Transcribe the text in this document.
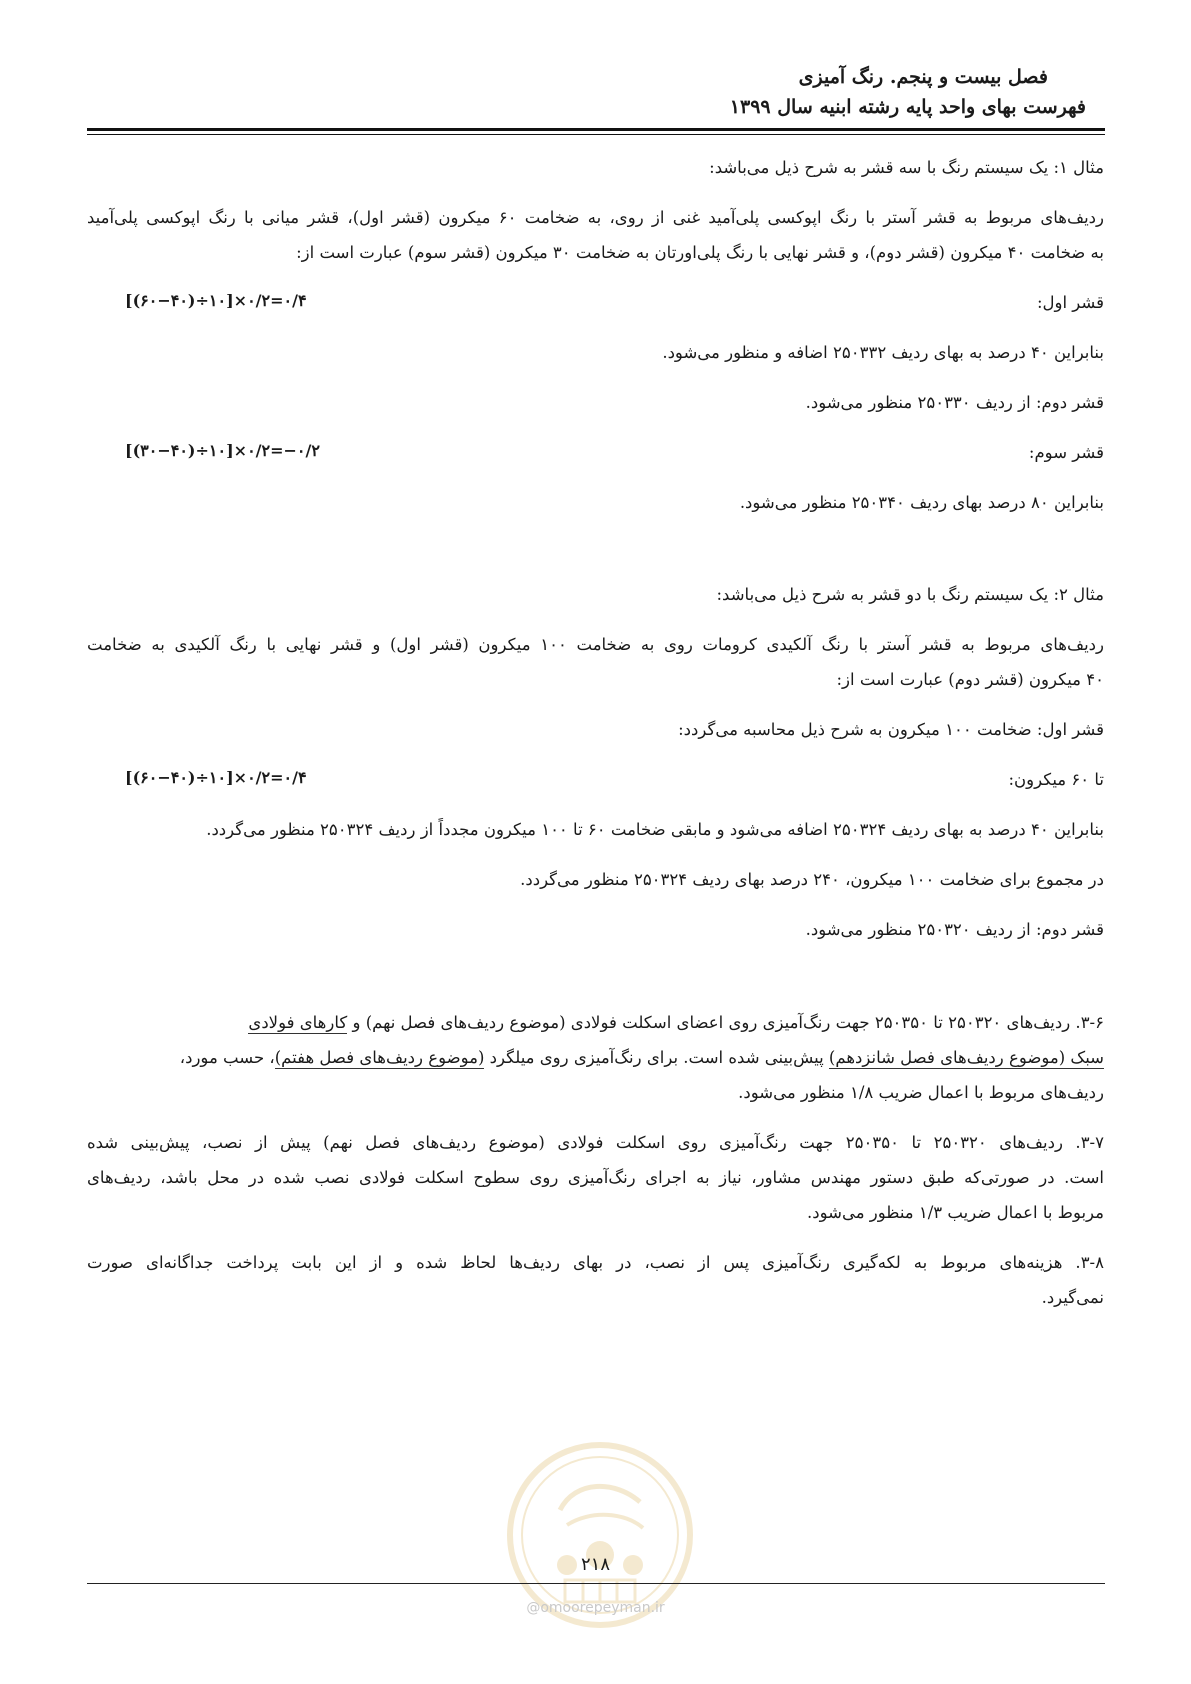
فصل بیست و پنجم. رنگ آمیزی
فهرست بهای واحد پایه رشته ابنیه سال ۱۳۹۹
مثال ۱: یک سیستم رنگ با سه قشر به شرح ذیل می‌باشد:
ردیف‌های مربوط به قشر آستر با رنگ اپوکسی پلی‌آمید غنی از روی، به ضخامت ۶۰ میکرون (قشر اول)، قشر میانی با رنگ اپوکسی پلی‌آمید
به ضخامت ۴۰ میکرون (قشر دوم)، و قشر نهایی با رنگ پلی‌اورتان به ضخامت ۳۰ میکرون (قشر سوم) عبارت است از:
قشر اول:
[(۶۰−۴۰)÷۱۰]×۰/۲=۰/۴
بنابراین ۴۰ درصد به بهای ردیف ۲۵۰۳۳۲ اضافه و منظور می‌شود.
قشر دوم: از ردیف ۲۵۰۳۳۰ منظور می‌شود.
قشر سوم:
[(۳۰−۴۰)÷۱۰]×۰/۲=−۰/۲
بنابراین ۸۰ درصد بهای ردیف ۲۵۰۳۴۰ منظور می‌شود.
مثال ۲: یک سیستم رنگ با دو قشر به شرح ذیل می‌باشد:
ردیف‌های مربوط به قشر آستر با رنگ آلکیدی کرومات روی به ضخامت ۱۰۰ میکرون (قشر اول) و قشر نهایی با رنگ آلکیدی به ضخامت
۴۰ میکرون (قشر دوم) عبارت است از:
قشر اول: ضخامت ۱۰۰ میکرون به شرح ذیل محاسبه می‌گردد:
تا ۶۰ میکرون:
[(۶۰−۴۰)÷۱۰]×۰/۲=۰/۴
بنابراین ۴۰ درصد به بهای ردیف ۲۵۰۳۲۴ اضافه می‌شود و مابقی ضخامت ۶۰ تا ۱۰۰ میکرون مجدداً از ردیف ۲۵۰۳۲۴ منظور می‌گردد.
در مجموع برای ضخامت ۱۰۰ میکرون، ۲۴۰ درصد بهای ردیف ۲۵۰۳۲۴ منظور می‌گردد.
قشر دوم: از ردیف ۲۵۰۳۲۰ منظور می‌شود.
۳-۶. ردیف‌های ۲۵۰۳۲۰ تا ۲۵۰۳۵۰ جهت رنگ‌آمیزی روی اعضای اسکلت فولادی (موضوع ردیف‌های فصل نهم) و کارهای فولادی
سبک (موضوع ردیف‌های فصل شانزدهم) پیش‌بینی شده است. برای رنگ‌آمیزی روی میلگرد (موضوع ردیف‌های فصل هفتم)، حسب مورد،
ردیف‌های مربوط با اعمال ضریب ۱/۸ منظور می‌شود.
۳-۷. ردیف‌های ۲۵۰۳۲۰ تا ۲۵۰۳۵۰ جهت رنگ‌آمیزی روی اسکلت فولادی (موضوع ردیف‌های فصل نهم) پیش از نصب، پیش‌بینی شده
است. در صورتی‌که طبق دستور مهندس مشاور، نیاز به اجرای رنگ‌آمیزی روی سطوح اسکلت فولادی نصب شده در محل باشد، ردیف‌های
مربوط با اعمال ضریب ۱/۳ منظور می‌شود.
۳-۸. هزینه‌های مربوط به لکه‌گیری رنگ‌آمیزی پس از نصب، در بهای ردیف‌ها لحاظ شده و از این بابت پرداخت جداگانه‌ای صورت
نمی‌گیرد.
۲۱۸
@omoorepeyman.ir
